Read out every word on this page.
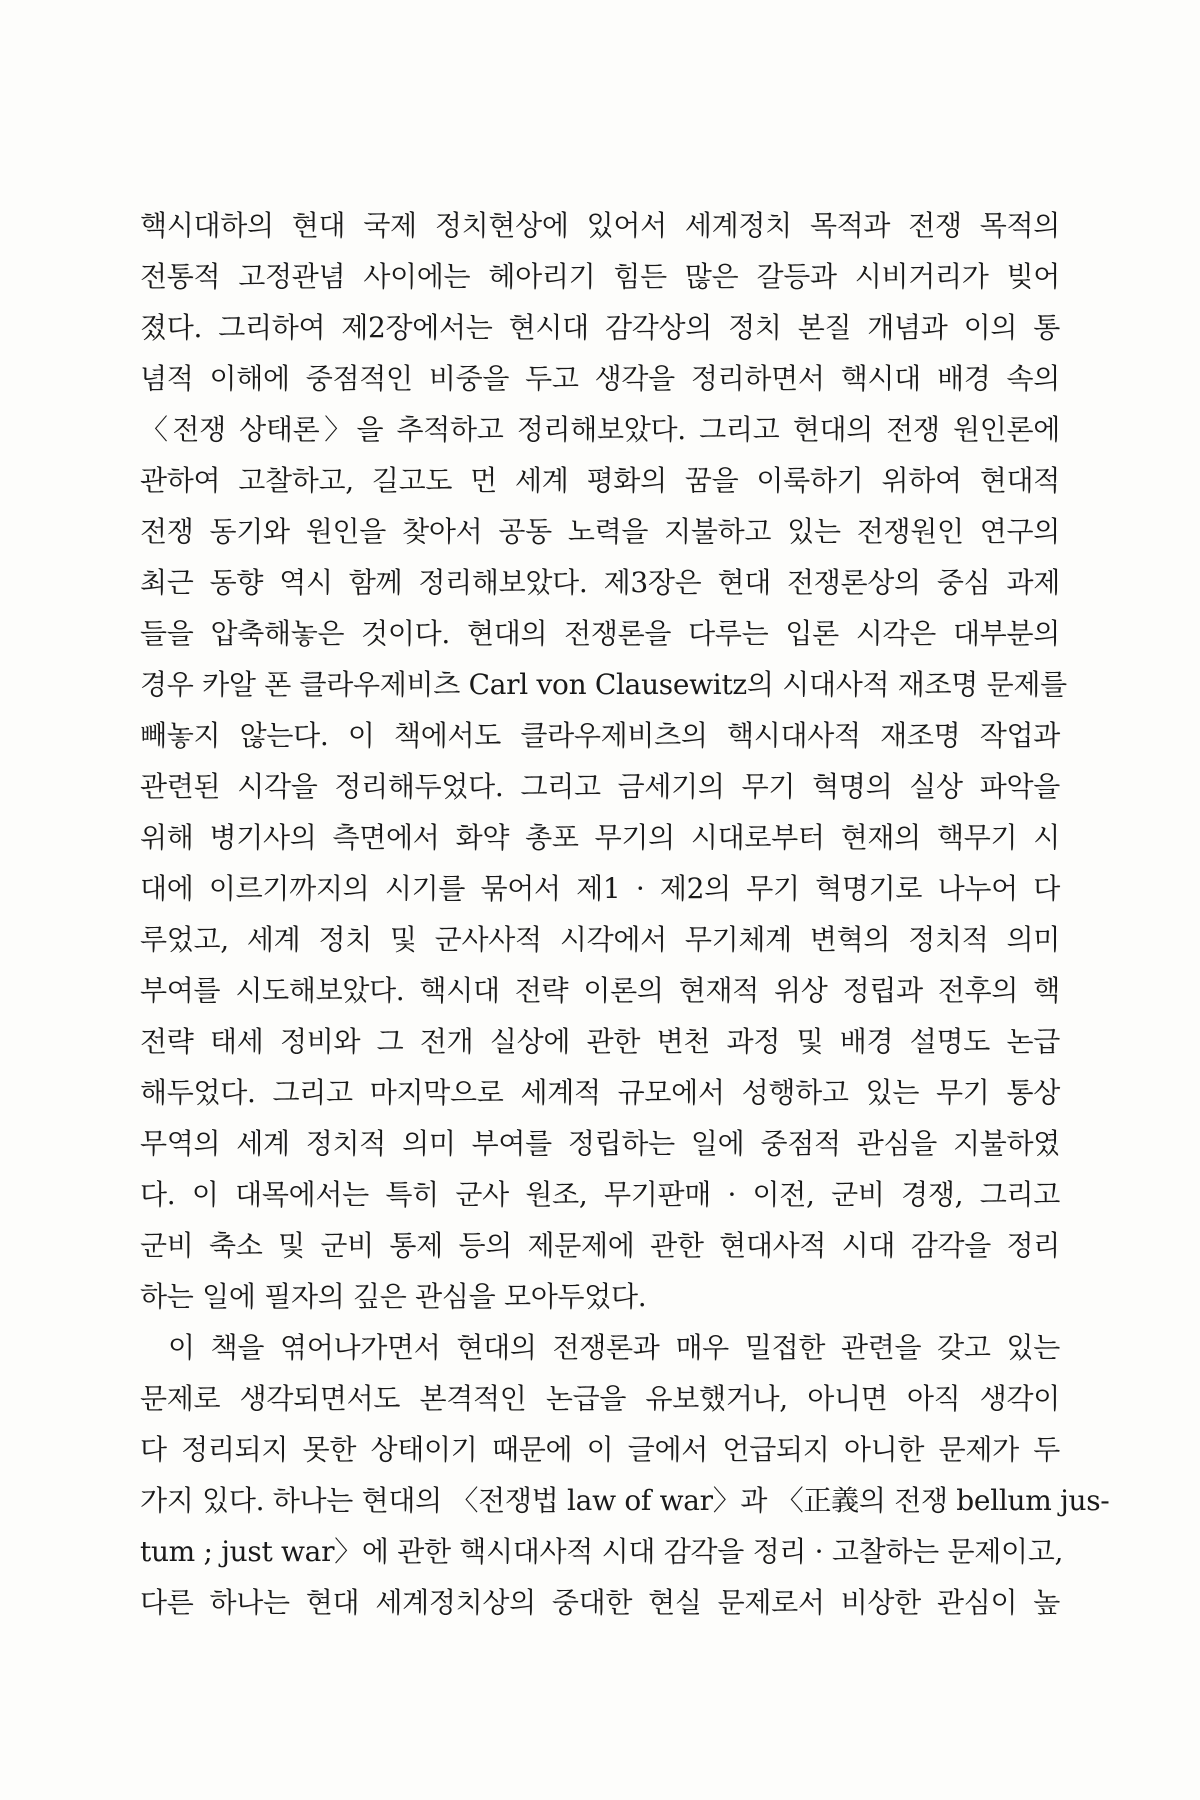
핵시대하의 현대 국제 정치현상에 있어서 세계정치 목적과 전쟁 목적의
전통적 고정관념 사이에는 헤아리기 힘든 많은 갈등과 시비거리가 빚어
졌다. 그리하여 제2장에서는 현시대 감각상의 정치 본질 개념과 이의 통
념적 이해에 중점적인 비중을 두고 생각을 정리하면서 핵시대 배경 속의
〈전쟁 상태론〉을 추적하고 정리해보았다. 그리고 현대의 전쟁 원인론에
관하여 고찰하고, 길고도 먼 세계 평화의 꿈을 이룩하기 위하여 현대적
전쟁 동기와 원인을 찾아서 공동 노력을 지불하고 있는 전쟁원인 연구의
최근 동향 역시 함께 정리해보았다. 제3장은 현대 전쟁론상의 중심 과제
들을 압축해놓은 것이다. 현대의 전쟁론을 다루는 입론 시각은 대부분의
경우 카알 폰 클라우제비츠 Carl von Clausewitz의 시대사적 재조명 문제를
빼놓지 않는다. 이 책에서도 클라우제비츠의 핵시대사적 재조명 작업과
관련된 시각을 정리해두었다. 그리고 금세기의 무기 혁명의 실상 파악을
위해 병기사의 측면에서 화약 총포 무기의 시대로부터 현재의 핵무기 시
대에 이르기까지의 시기를 묶어서 제1 · 제2의 무기 혁명기로 나누어 다
루었고, 세계 정치 및 군사사적 시각에서 무기체계 변혁의 정치적 의미
부여를 시도해보았다. 핵시대 전략 이론의 현재적 위상 정립과 전후의 핵
전략 태세 정비와 그 전개 실상에 관한 변천 과정 및 배경 설명도 논급
해두었다. 그리고 마지막으로 세계적 규모에서 성행하고 있는 무기 통상
무역의 세계 정치적 의미 부여를 정립하는 일에 중점적 관심을 지불하였
다. 이 대목에서는 특히 군사 원조, 무기판매 · 이전, 군비 경쟁, 그리고
군비 축소 및 군비 통제 등의 제문제에 관한 현대사적 시대 감각을 정리
하는 일에 필자의 깊은 관심을 모아두었다.
이 책을 엮어나가면서 현대의 전쟁론과 매우 밀접한 관련을 갖고 있는
문제로 생각되면서도 본격적인 논급을 유보했거나, 아니면 아직 생각이
다 정리되지 못한 상태이기 때문에 이 글에서 언급되지 아니한 문제가 두
가지 있다. 하나는 현대의 〈전쟁법 law of war〉과 〈正義의 전쟁 bellum jus-
tum ; just war〉에 관한 핵시대사적 시대 감각을 정리 · 고찰하는 문제이고,
다른 하나는 현대 세계정치상의 중대한 현실 문제로서 비상한 관심이 높
